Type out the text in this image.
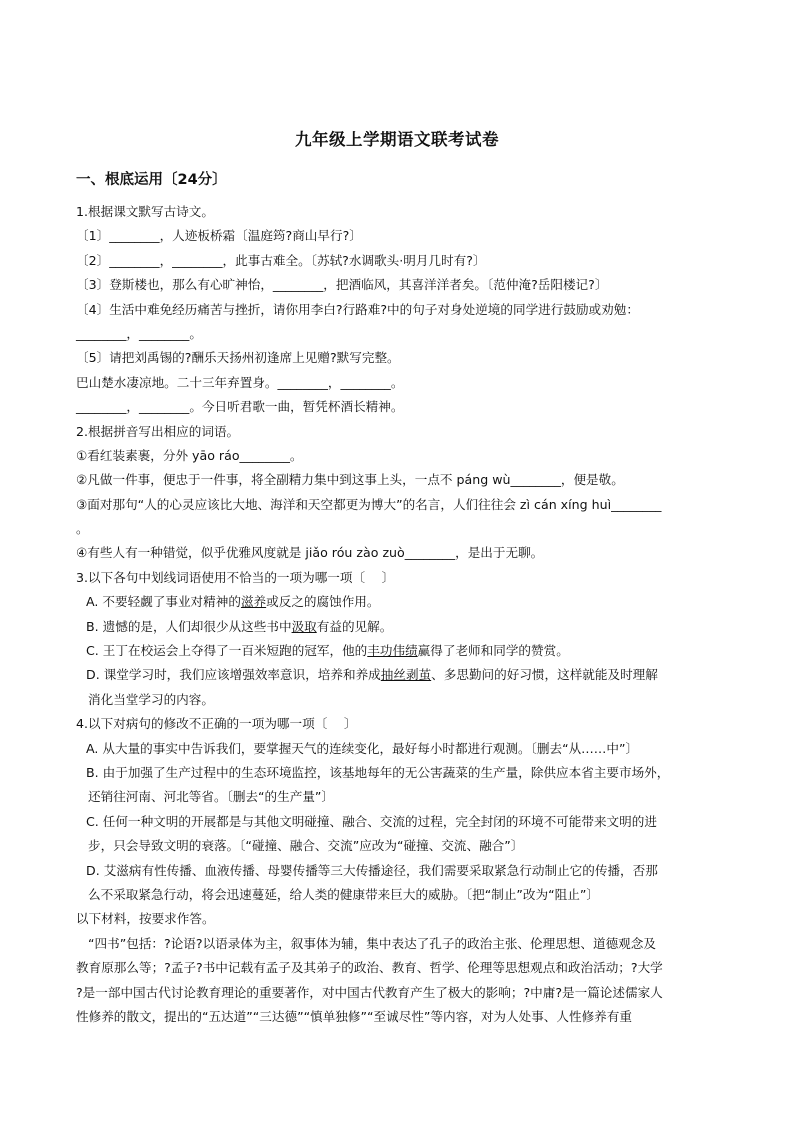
九年级上学期语文联考试卷
一、根底运用〔24分〕
1.根据课文默写古诗文。
〔1〕________，人迹板桥霜〔温庭筠?商山早行?〕
〔2〕________，________，此事古难全。〔苏轼?水调歌头·明月几时有?〕
〔3〕登斯楼也，那么有心旷神怡，________，把酒临风，其喜洋洋者矣。〔范仲淹?岳阳楼记?〕
〔4〕生活中难免经历痛苦与挫折，请你用李白?行路难?中的句子对身处逆境的同学进行鼓励或劝勉：
________，________。
〔5〕请把刘禹锡的?酬乐天扬州初逢席上见赠?默写完整。
巴山楚水凄凉地。二十三年弃置身。________，________。
________，________。今日听君歌一曲，暂凭杯酒长精神。
2.根据拼音写出相应的词语。
①看红装素裹，分外 yāo ráo________。
②凡做一件事，便忠于一件事，将全副精力集中到这事上头，一点不 páng wù________，便是敬。
③面对那句“人的心灵应该比大地、海洋和天空都更为博大”的名言，人们往往会 zì cán xíng huì________
。
④有些人有一种错觉，似乎优雅风度就是 jiǎo róu zào zuò________，是出于无聊。
3.以下各句中划线词语使用不恰当的一项为哪一项〔　 〕
A. 不要轻觑了事业对精神的滋养或反之的腐蚀作用。
B. 遗憾的是，人们却很少从这些书中汲取有益的见解。
C. 王丁在校运会上夺得了一百米短跑的冠军，他的丰功伟绩赢得了老师和同学的赞赏。
D. 课堂学习时，我们应该增强效率意识，培养和养成抽丝剥茧、多思勤问的好习惯，这样就能及时理解
消化当堂学习的内容。
4.以下对病句的修改不正确的一项为哪一项〔　 〕
A. 从大量的事实中告诉我们，要掌握天气的连续变化，最好每小时都进行观测。〔删去“从……中”〕
B. 由于加强了生产过程中的生态环境监控，该基地每年的无公害蔬菜的生产量，除供应本省主要市场外，
还销往河南、河北等省。〔删去“的生产量”〕
C. 任何一种文明的开展都是与其他文明碰撞、融合、交流的过程，完全封闭的环境不可能带来文明的进
步，只会导致文明的衰落。〔“碰撞、融合、交流”应改为“碰撞、交流、融合”〕
D. 艾滋病有性传播、血液传播、母婴传播等三大传播途径，我们需要采取紧急行动制止它的传播，否那
么不采取紧急行动，将会迅速蔓延，给人类的健康带来巨大的威胁。〔把“制止”改为“阻止”〕
以下材料，按要求作答。
“四书”包括：?论语?以语录体为主，叙事体为辅，集中表达了孔子的政治主张、伦理思想、道德观念及
教育原那么等；?孟子?书中记载有孟子及其弟子的政治、教育、哲学、伦理等思想观点和政治活动；?大学
?是一部中国古代讨论教育理论的重要著作，对中国古代教育产生了极大的影响；?中庸?是一篇论述儒家人
性修养的散文，提出的“五达道”“三达德”“慎单独修”“至诚尽性”等内容，对为人处事、人性修养有重
